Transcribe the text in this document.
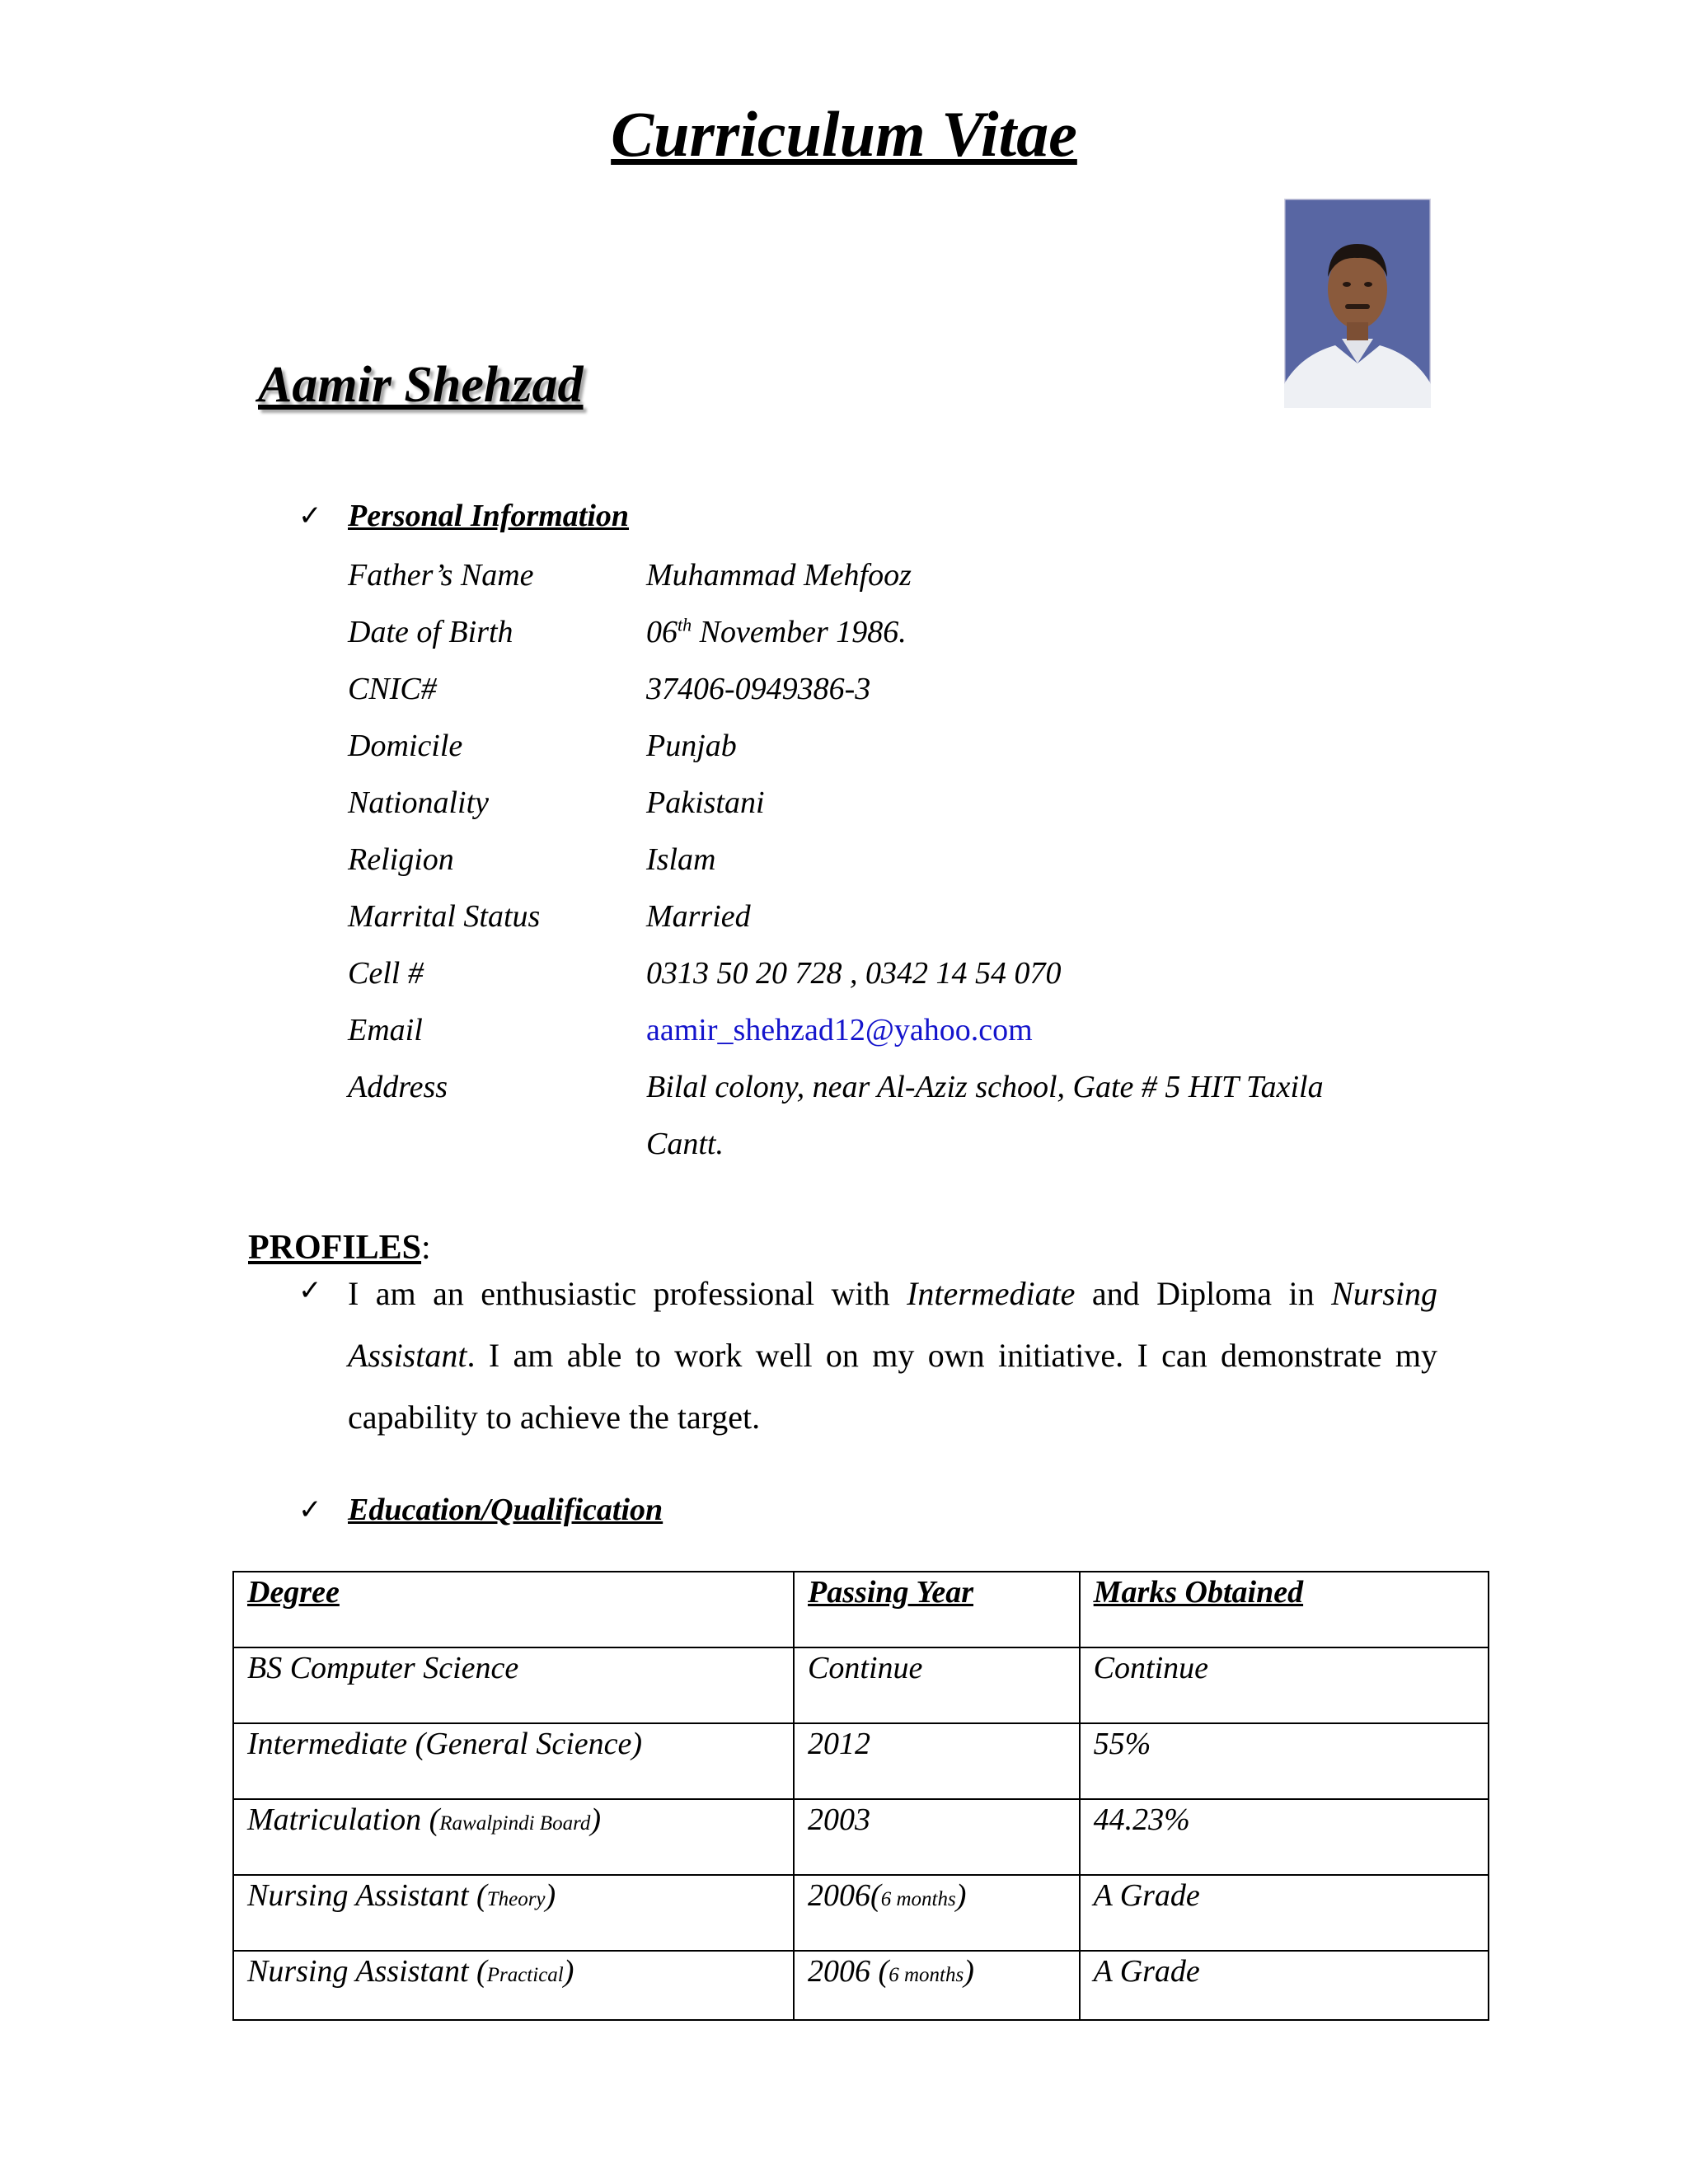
Curriculum Vitae
Aamir Shehzad
✓ Personal Information
Father’s Name	Muhammad Mehfooz
Date of Birth	06th November 1986.
CNIC#	37406-0949386-3
Domicile	Punjab
Nationality	Pakistani
Religion	Islam
Marrital Status	Married
Cell #	0313 50 20 728 , 0342 14 54 070
Email	aamir_shehzad12@yahoo.com
Address	Bilal colony, near Al-Aziz school, Gate # 5 HIT Taxila
Cantt.
PROFILES:
✓ I am an enthusiastic professional with Intermediate and Diploma in Nursing Assistant. I am able to work well on my own initiative. I can demonstrate my capability to achieve the target.
✓ Education/Qualification
Degree	Passing Year	Marks Obtained
BS Computer Science	Continue	Continue
Intermediate (General Science)	2012	55%
Matriculation (Rawalpindi Board)	2003	44.23%
Nursing Assistant (Theory)	2006(6 months)	A Grade
Nursing Assistant (Practical)	2006 (6 months)	A Grade
